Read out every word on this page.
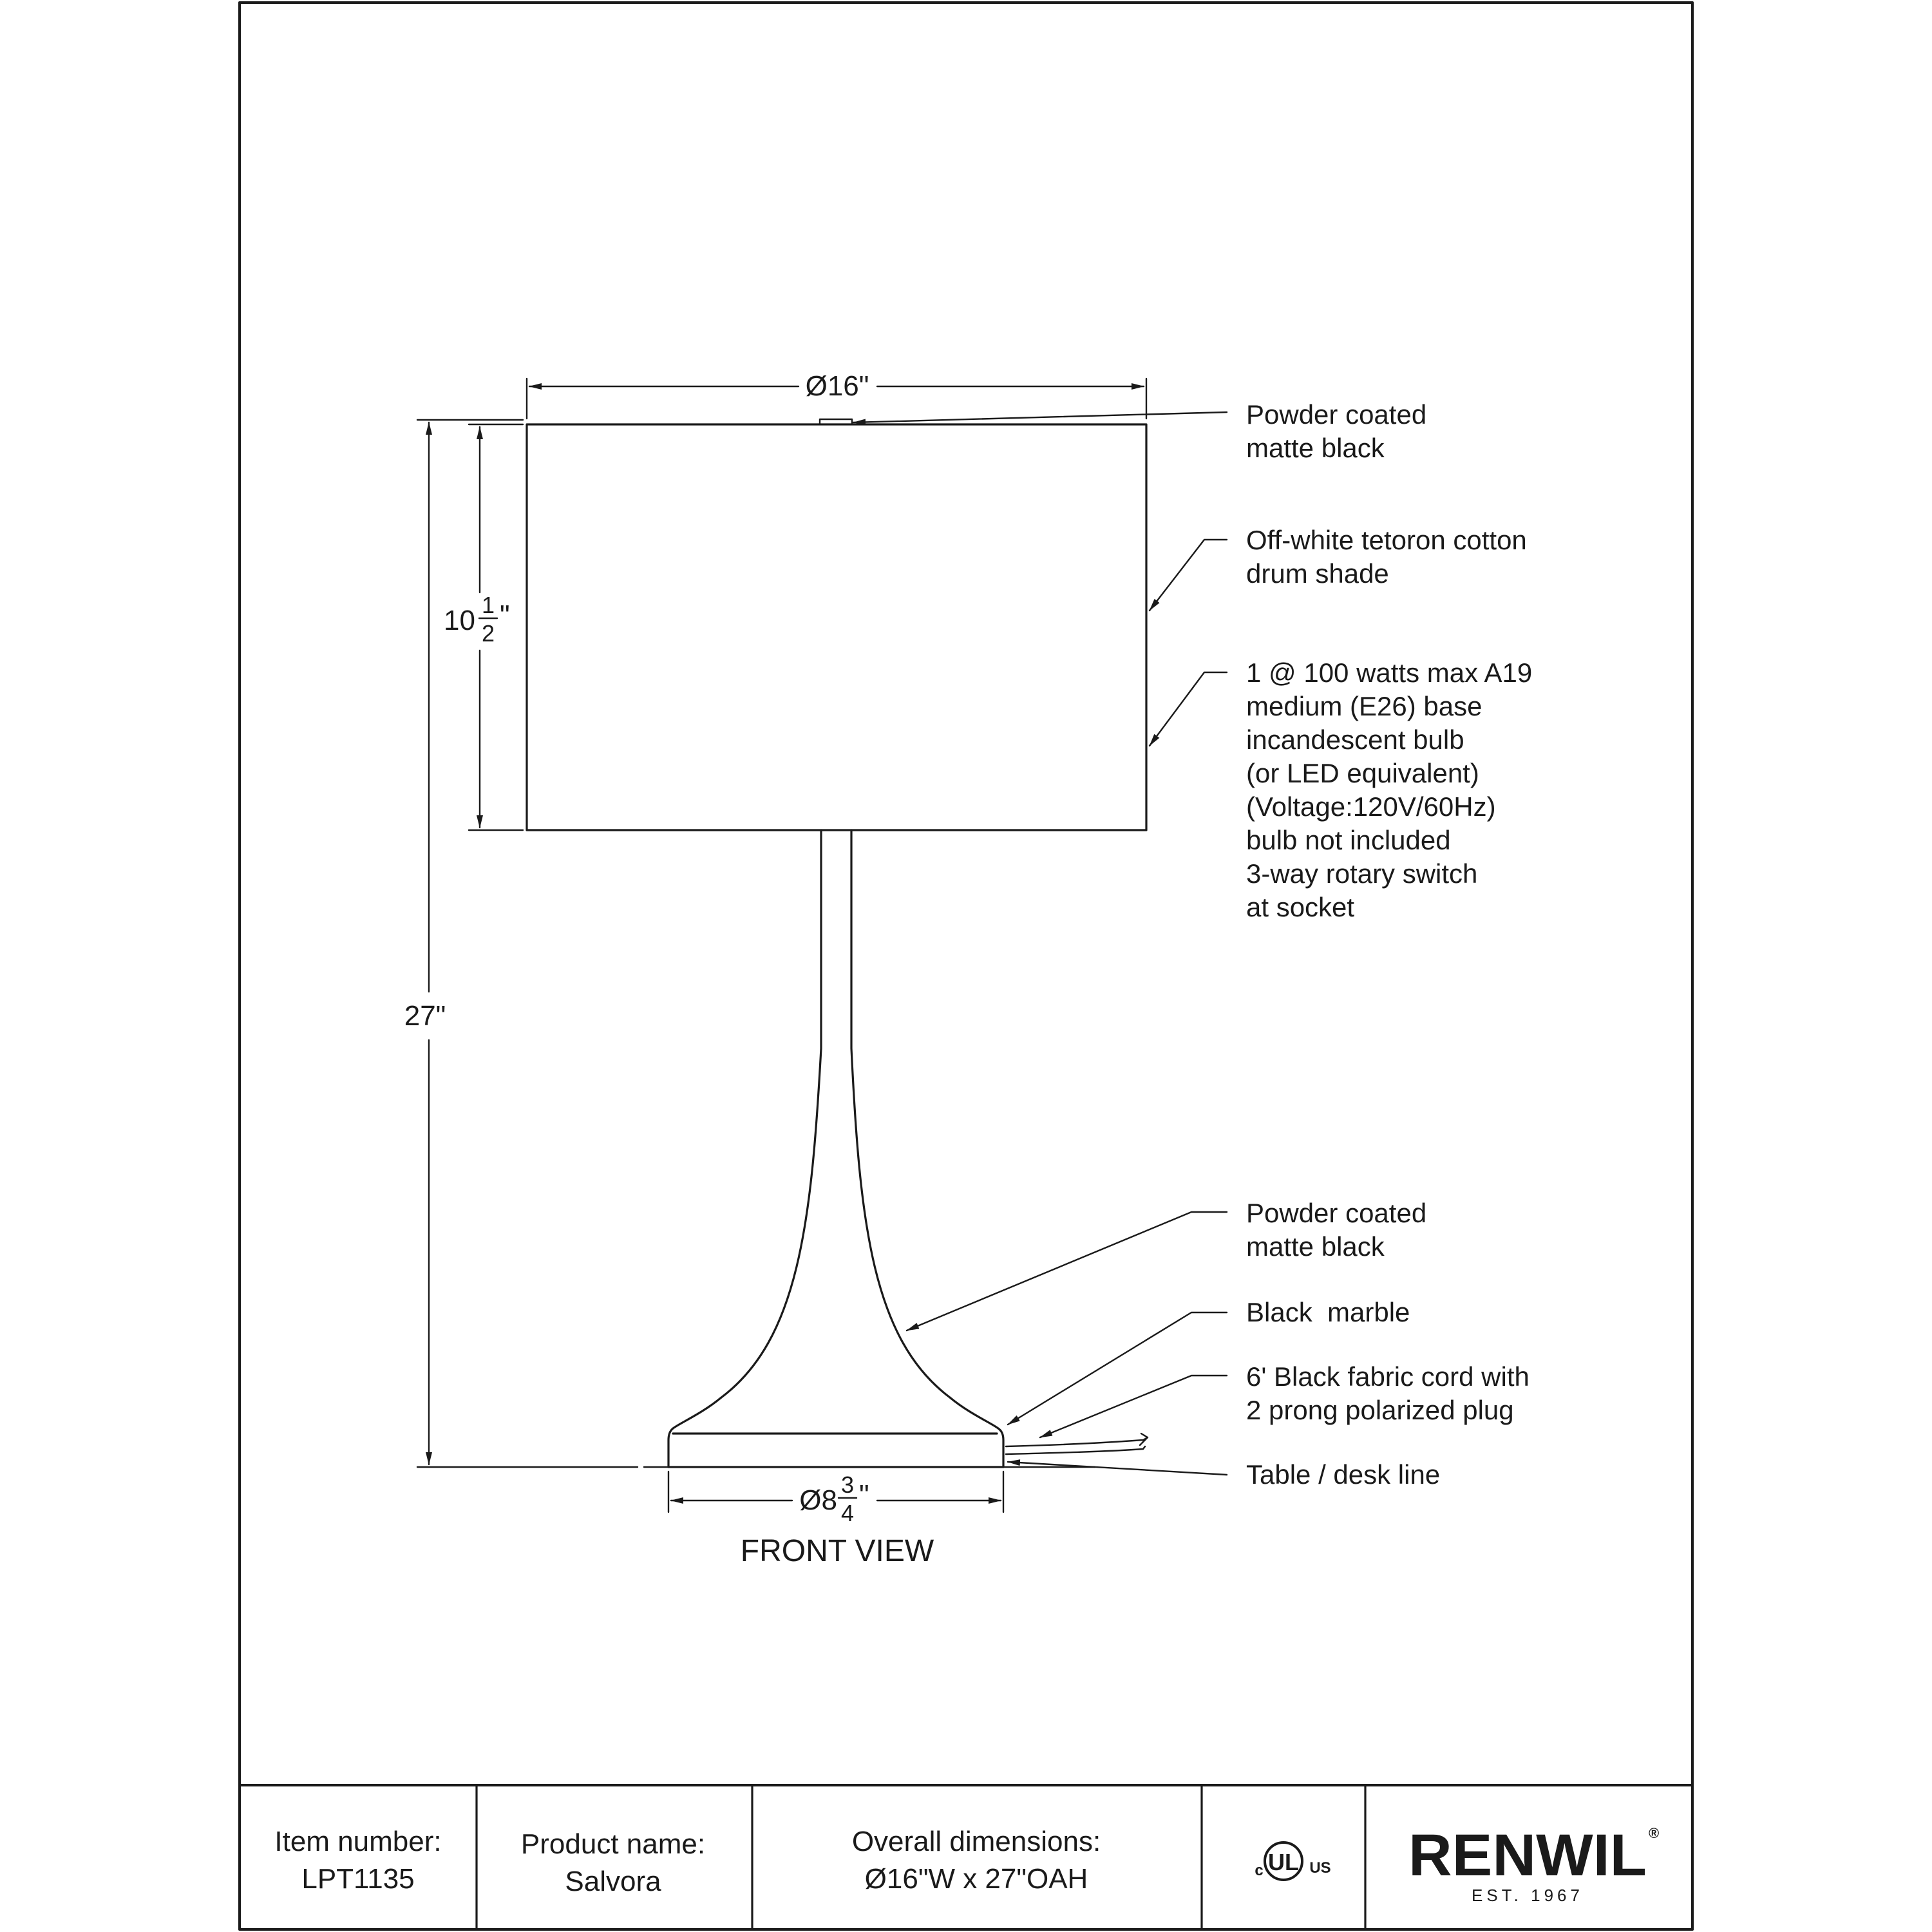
Ø16"
10 1
2
"
27"
Ø8 3
4
"
FRONT VIEW
Powder coated matte black
Off-white tetoron cotton drum shade
1 @ 100 watts max A19 medium (E26) base incandescent bulb (or LED equivalent) (Voltage:120V/60Hz) bulb not included 3-way rotary switch at socket
Powder coated matte black
Black  marble
6' Black fabric cord with 2 prong polarized plug
Table / desk line
Item number:
LPT1135
Product name:
Salvora
Overall dimensions:
Ø16"W x 27"OAH
UL
c	US RENWIL ®
EST. 1967
